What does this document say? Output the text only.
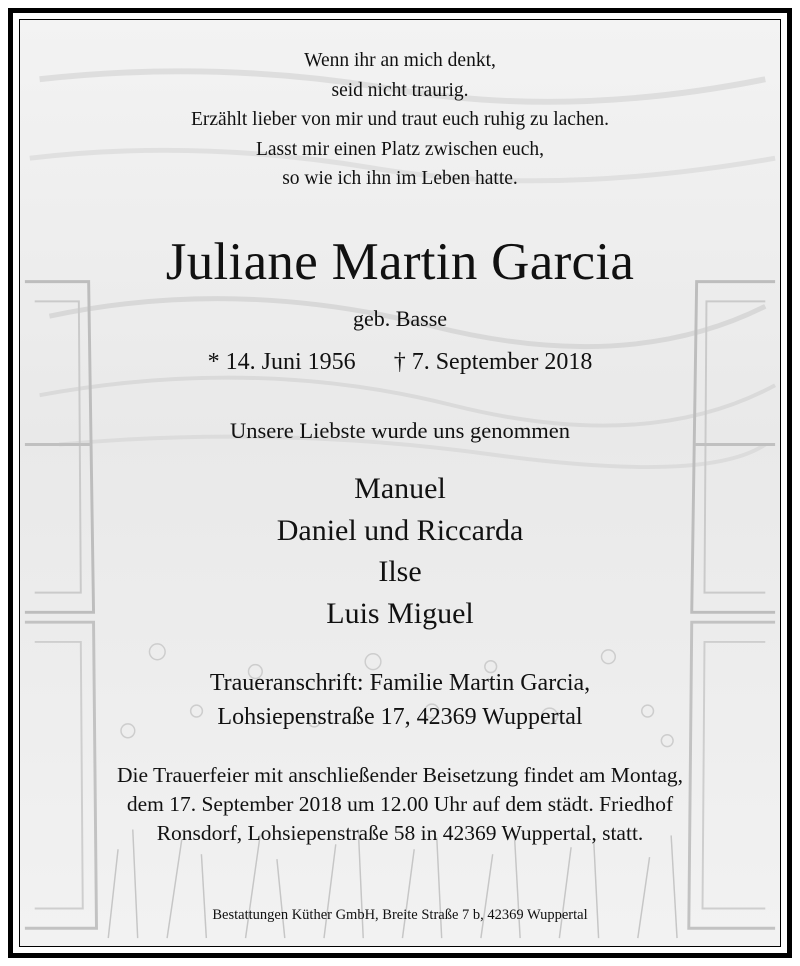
Wenn ihr an mich denkt,
seid nicht traurig.
Erzählt lieber von mir und traut euch ruhig zu lachen.
Lasst mir einen Platz zwischen euch,
so wie ich ihn im Leben hatte.
Juliane Martin Garcia
geb. Basse
* 14. Juni 1956 † 7. September 2018
Unsere Liebste wurde uns genommen
Manuel
Daniel und Riccarda
Ilse
Luis Miguel
Traueranschrift: Familie Martin Garcia,
Lohsiepenstraße 17, 42369 Wuppertal
Die Trauerfeier mit anschließender Beisetzung findet am Montag,
dem 17. September 2018 um 12.00 Uhr auf dem städt. Friedhof
Ronsdorf, Lohsiepenstraße 58 in 42369 Wuppertal, statt.
Bestattungen Küther GmbH, Breite Straße 7 b, 42369 Wuppertal
